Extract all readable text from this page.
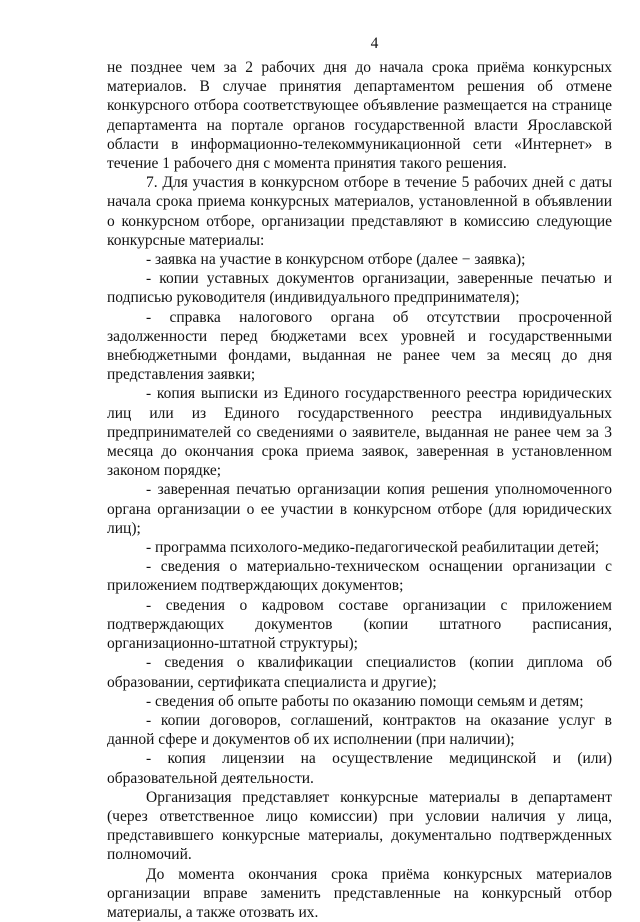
4

не позднее чем за 2 рабочих дня до начала срока приёма конкурсных материалов. В случае принятия департаментом решения об отмене конкурсного отбора соответствующее объявление размещается на странице департамента на портале органов государственной власти Ярославской области в информационно-телекоммуникационной сети «Интернет» в течение 1 рабочего дня с момента принятия такого решения.

7. Для участия в конкурсном отборе в течение 5 рабочих дней с даты начала срока приема конкурсных материалов, установленной в объявлении о конкурсном отборе, организации представляют в комиссию следующие конкурсные материалы:

- заявка на участие в конкурсном отборе (далее − заявка);

- копии уставных документов организации, заверенные печатью и подписью руководителя (индивидуального предпринимателя);

- справка налогового органа об отсутствии просроченной задолженности перед бюджетами всех уровней и государственными внебюджетными фондами, выданная не ранее чем за месяц до дня представления заявки;

- копия выписки из Единого государственного реестра юридических лиц или из Единого государственного реестра индивидуальных предпринимателей со сведениями о заявителе, выданная не ранее чем за 3 месяца до окончания срока приема заявок, заверенная в установленном законом порядке;

- заверенная печатью организации копия решения уполномоченного органа организации о ее участии в конкурсном отборе (для юридических лиц);

- программа психолого-медико-педагогической реабилитации детей;

- сведения о материально-техническом оснащении организации с приложением подтверждающих документов;

- сведения о кадровом составе организации с приложением подтверждающих документов (копии штатного расписания, организационно-штатной структуры);

- сведения о квалификации специалистов (копии диплома об образовании, сертификата специалиста и другие);

- сведения об опыте работы по оказанию помощи семьям и детям;

- копии договоров, соглашений, контрактов на оказание услуг в данной сфере и документов об их исполнении (при наличии);

- копия лицензии на осуществление медицинской и (или) образовательной деятельности.

Организация представляет конкурсные материалы в департамент (через ответственное лицо комиссии) при условии наличия у лица, представившего конкурсные материалы, документально подтвержденных полномочий.

До момента окончания срока приёма конкурсных материалов организации вправе заменить представленные на конкурсный отбор материалы, а также отозвать их.
